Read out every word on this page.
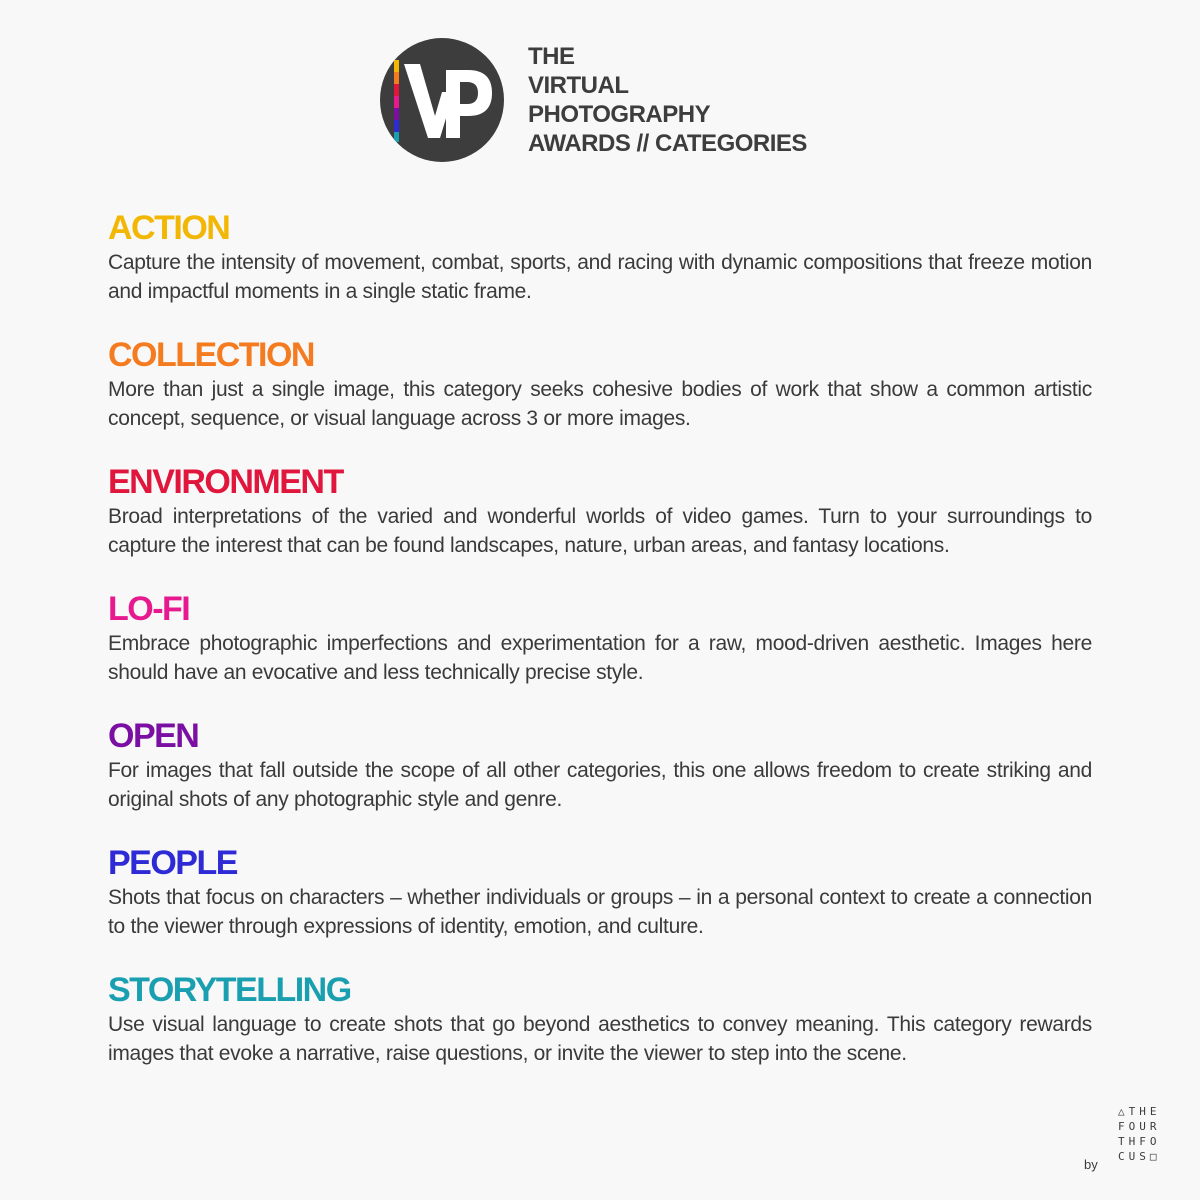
THE
VIRTUAL
PHOTOGRAPHY
AWARDS // CATEGORIES
ACTION

Capture the intensity of movement, combat, sports, and racing with dynamic compositions that freeze motion and impactful moments in a single static frame.

COLLECTION

More than just a single image, this category seeks cohesive bodies of work that show a common artistic concept, sequence, or visual language across 3 or more images.

ENVIRONMENT

Broad interpretations of the varied and wonderful worlds of video games. Turn to your surroundings to capture the interest that can be found landscapes, nature, urban areas, and fantasy locations.

LO-FI

Embrace photographic imperfections and experimentation for a raw, mood-driven aesthetic. Images here should have an evocative and less technically precise style.

OPEN

For images that fall outside the scope of all other categories, this one allows freedom to create striking and original shots of any photographic style and genre.

PEOPLE

Shots that focus on characters – whether individuals or groups – in a personal context to create a connection to the viewer through expressions of identity, emotion, and culture.

STORYTELLING

Use visual language to create shots that go beyond aesthetics to convey meaning. This category rewards images that evoke a narrative, raise questions, or invite the viewer to step into the scene.

by
△THE
FOUR
THFO
CUS□
